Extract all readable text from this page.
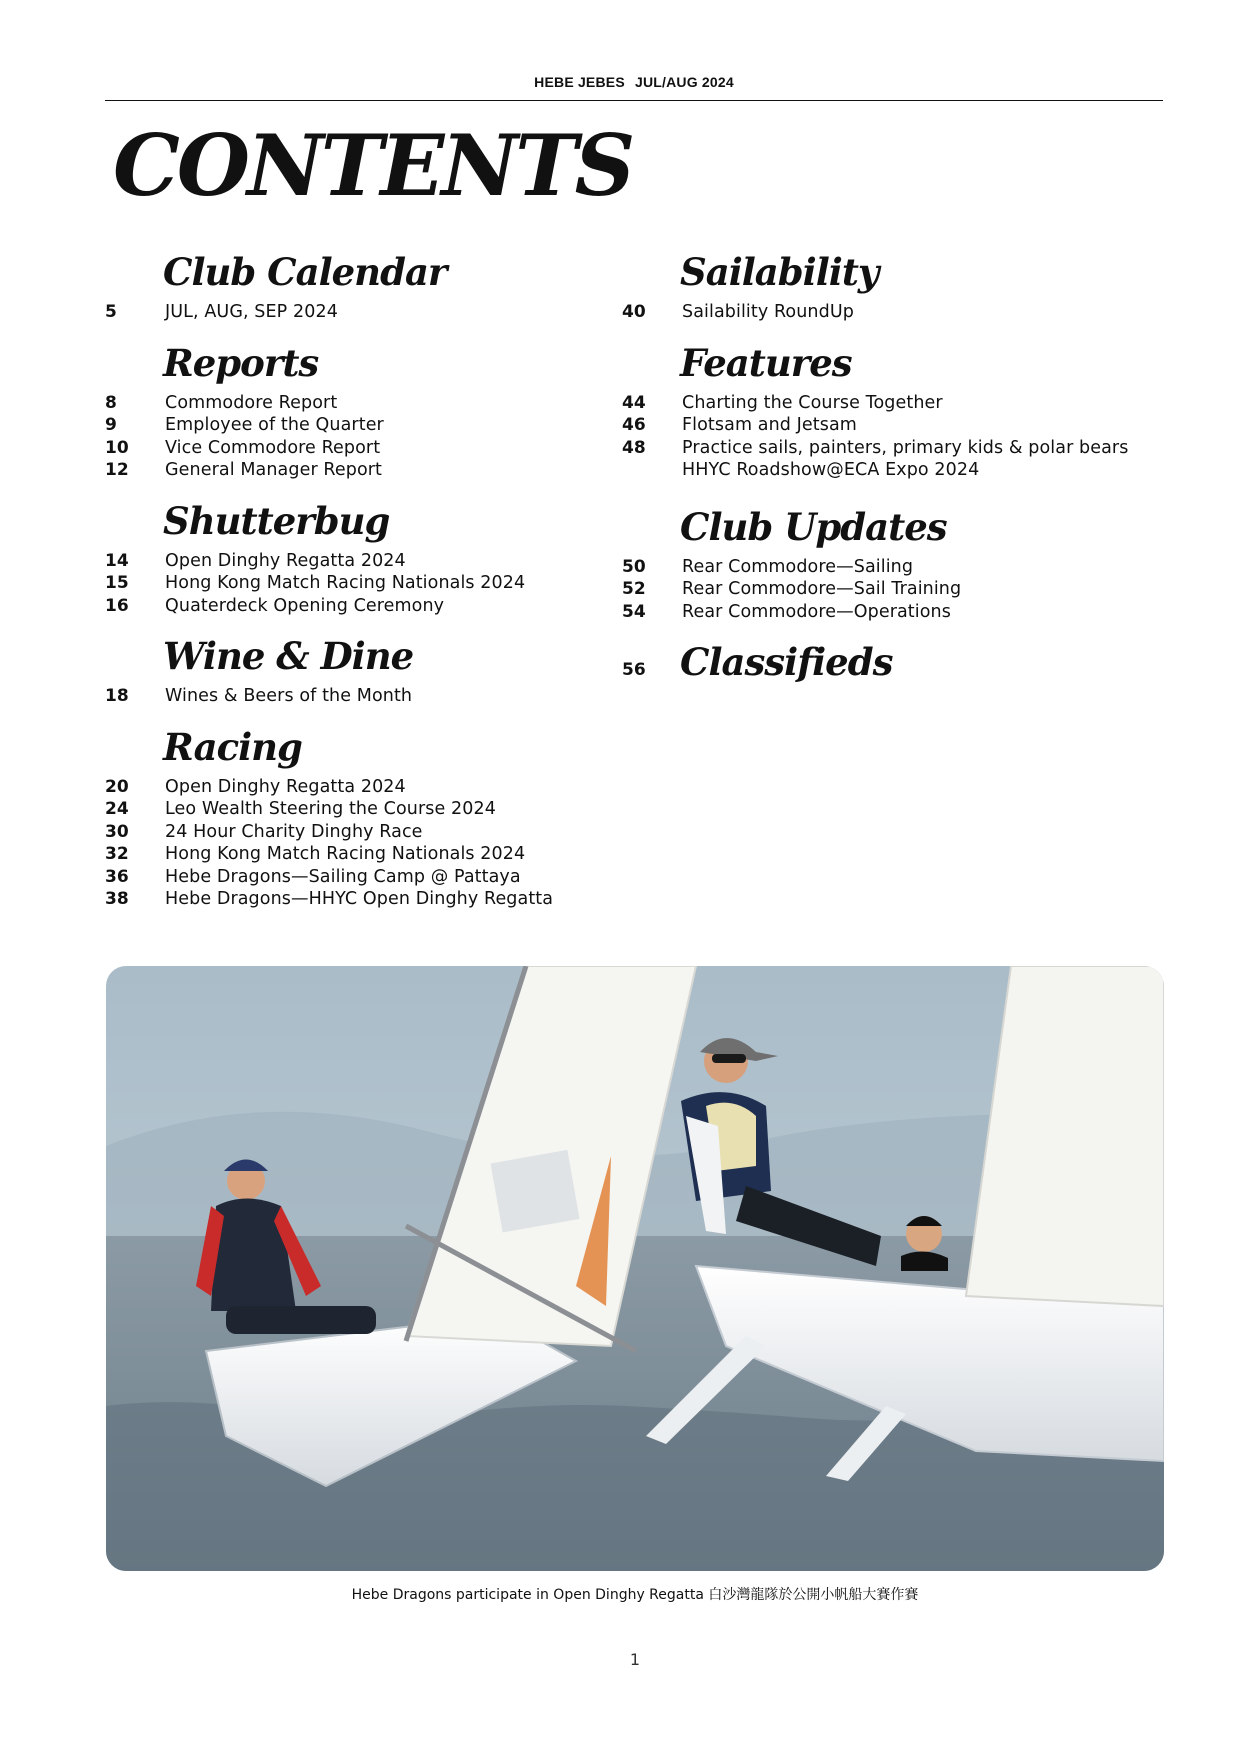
HEBE JEBES JUL/AUG 2024
CONTENTS
Club Calendar
5	JUL, AUG, SEP 2024
Reports
8	Commodore Report
9	Employee of the Quarter
10 Vice Commodore Report
12 General Manager Report
Shutterbug
14 Open Dinghy Regatta 2024
15 Hong Kong Match Racing Nationals 2024
16 Quaterdeck Opening Ceremony
Wine & Dine
18 Wines & Beers of the Month
Racing
20 Open Dinghy Regatta 2024
24 Leo Wealth Steering the Course 2024
30 24 Hour Charity Dinghy Race
32 Hong Kong Match Racing Nationals 2024
36 Hebe Dragons—Sailing Camp @ Pattaya
38 Hebe Dragons—HHYC Open Dinghy Regatta
Sailability
40 Sailability RoundUp
Features
44 Charting the Course Together
46 Flotsam and Jetsam
48 Practice sails, painters, primary kids & polar bears
HHYC Roadshow@ECA Expo 2024
Club Updates
50 Rear Commodore—Sailing
52 Rear Commodore—Sail Training
54 Rear Commodore—Operations
56 Classifieds
Hebe Dragons participate in Open Dinghy Regatta 白沙灣龍隊於公開小帆船大賽作賽
1
